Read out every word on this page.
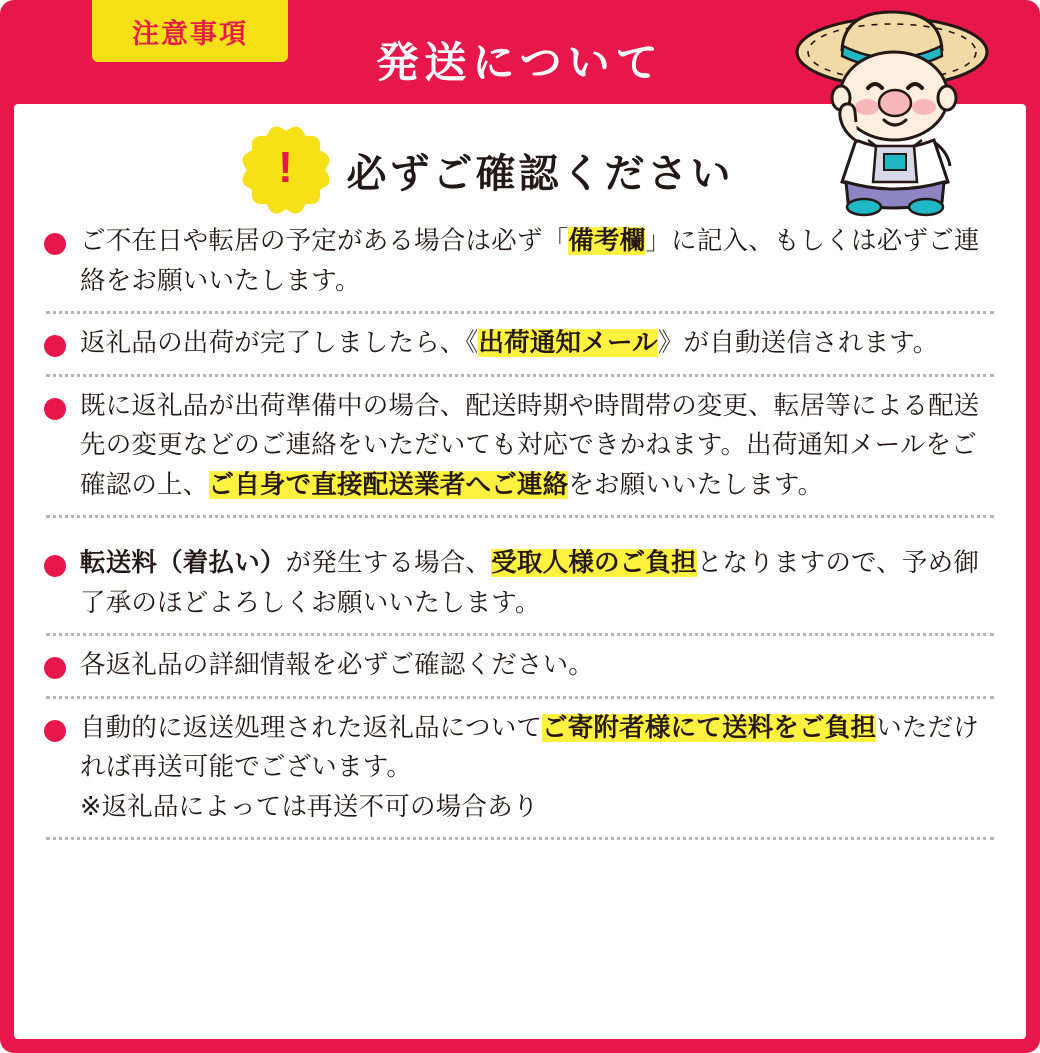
注意事項
発送について
!	必ずご確認ください
ご不在日や転居の予定がある場合は必ず「備考欄」に記入、もしくは必ずご連絡をお願いいたします。
返礼品の出荷が完了しましたら、《出荷通知メール》が自動送信されます。
既に返礼品が出荷準備中の場合、配送時期や時間帯の変更、転居等による配送先の変更などのご連絡をいただいても対応できかねます。出荷通知メールをご確認の上、ご自身で直接配送業者へご連絡をお願いいたします。
転送料（着払い）が発生する場合、受取人様のご負担となりますので、予め御了承のほどよろしくお願いいたします。
各返礼品の詳細情報を必ずご確認ください。
自動的に返送処理された返礼品についてご寄附者様にて送料をご負担いただければ再送可能でございます。
※返礼品によっては再送不可の場合あり
